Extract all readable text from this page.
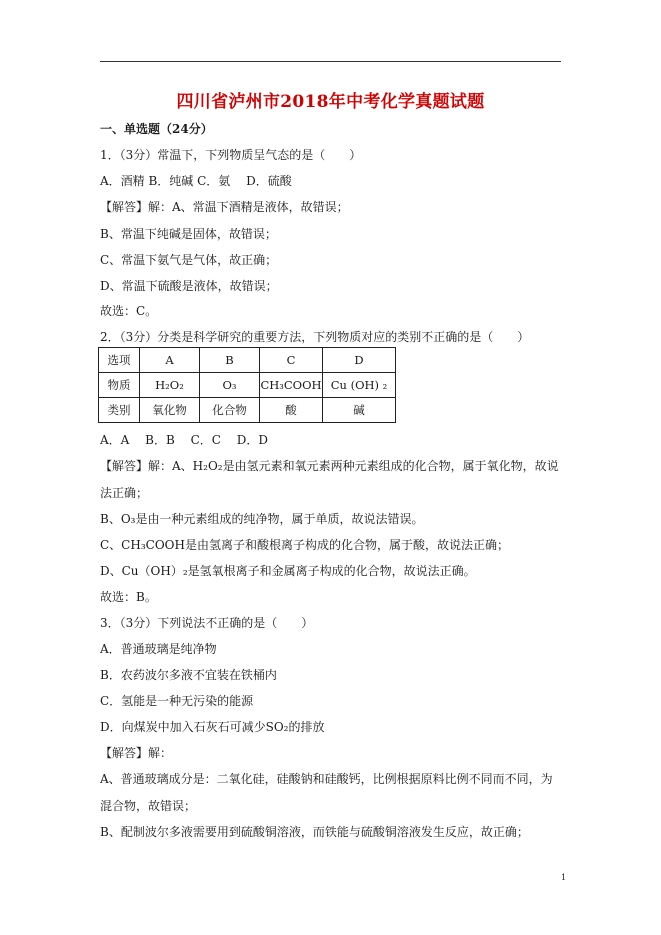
四川省泸州市2018年中考化学真题试题
一、单选题（24分）
1．（3分）常温下，下列物质呈气态的是（　　）
A．酒精 B．纯碱 C．氨　 D．硫酸
【解答】解：A、常温下酒精是液体，故错误；
B、常温下纯碱是固体，故错误；
C、常温下氨气是气体，故正确；
D、常温下硫酸是液体，故错误；
故选：C。
2．（3分）分类是科学研究的重要方法，下列物质对应的类别不正确的是（　　）
选项	A	B	C	D
物质	H₂O₂	O₃	CH₃COOH	Cu (OH) ₂
类别	氧化物	化合物	酸	碱
A．A　 B．B　 C．C　 D．D
【解答】解：A、H₂O₂是由氢元素和氧元素两种元素组成的化合物，属于氧化物，故说法正确；
B、O₃是由一种元素组成的纯净物，属于单质，故说法错误。
C、CH₃COOH是由氢离子和酸根离子构成的化合物，属于酸，故说法正确；
D、Cu（OH）₂是氢氧根离子和金属离子构成的化合物，故说法正确。
故选：B。
3．（3分）下列说法不正确的是（　　）
A．普通玻璃是纯净物
B．农药波尔多液不宜装在铁桶内
C．氢能是一种无污染的能源
D．向煤炭中加入石灰石可减少SO₂的排放
【解答】解：
A、普通玻璃成分是：二氧化硅，硅酸钠和硅酸钙，比例根据原料比例不同而不同，为混合物，故错误；
B、配制波尔多液需要用到硫酸铜溶液，而铁能与硫酸铜溶液发生反应，故正确；
1
